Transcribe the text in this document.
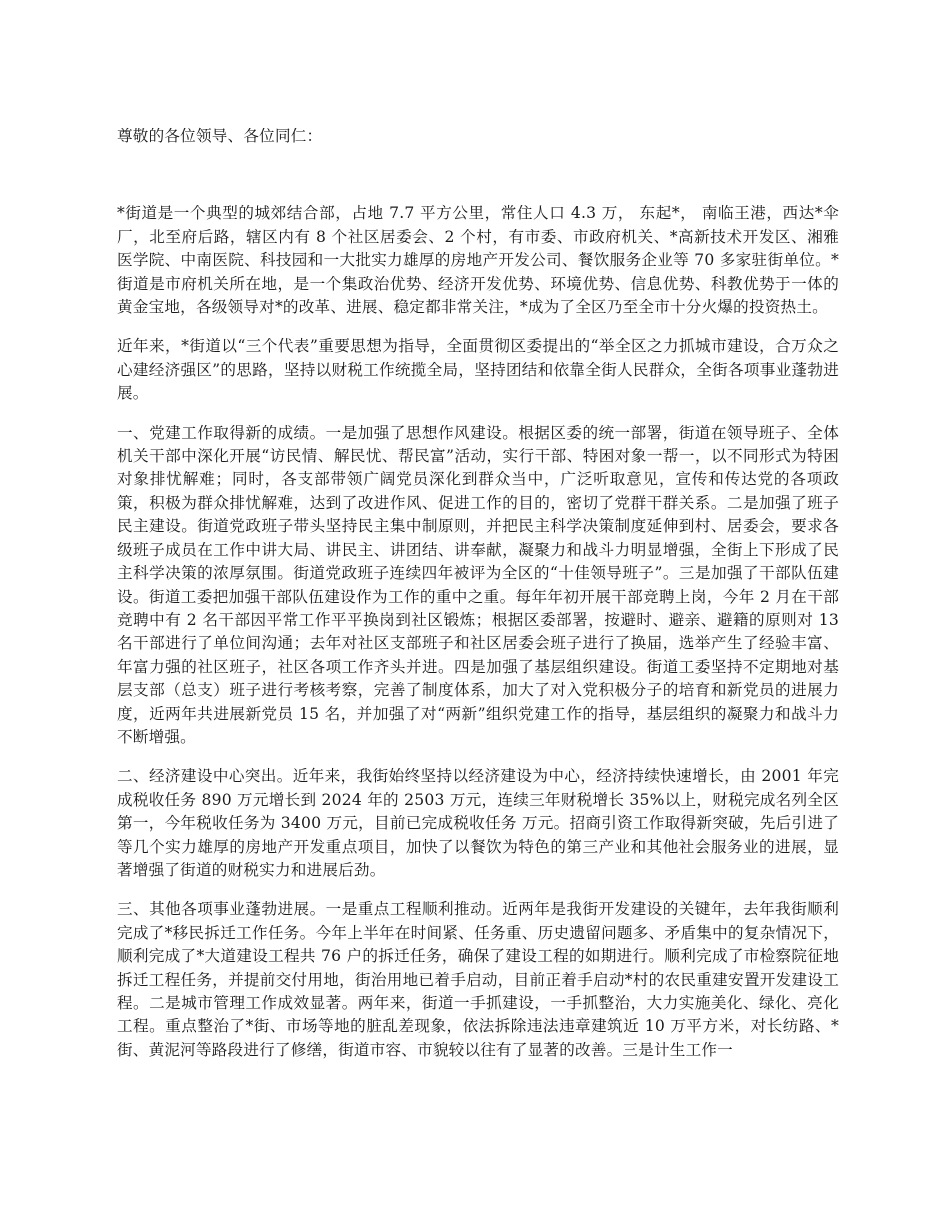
尊敬的各位领导、各位同仁：

*街道是一个典型的城郊结合部，占地 7.7 平方公里，常住人口 4.3 万， 东起*， 南临王港，西达*伞厂，北至府后路，辖区内有 8 个社区居委会、2 个村，有市委、市政府机关、*高新技术开发区、湘雅医学院、中南医院、科技园和一大批实力雄厚的房地产开发公司、餐饮服务企业等 70 多家驻街单位。*街道是市府机关所在地，是一个集政治优势、经济开发优势、环境优势、信息优势、科教优势于一体的黄金宝地，各级领导对*的改革、进展、稳定都非常关注，*成为了全区乃至全市十分火爆的投资热土。

近年来，*街道以“三个代表”重要思想为指导，全面贯彻区委提出的“举全区之力抓城市建设，合万众之心建经济强区”的思路，坚持以财税工作统揽全局，坚持团结和依靠全街人民群众，全街各项事业蓬勃进展。

一、党建工作取得新的成绩。一是加强了思想作风建设。根据区委的统一部署，街道在领导班子、全体机关干部中深化开展“访民情、解民忧、帮民富”活动，实行干部、特困对象一帮一，以不同形式为特困对象排忧解难；同时，各支部带领广阔党员深化到群众当中，广泛听取意见，宣传和传达党的各项政策，积极为群众排忧解难，达到了改进作风、促进工作的目的，密切了党群干群关系。二是加强了班子民主建设。街道党政班子带头坚持民主集中制原则，并把民主科学决策制度延伸到村、居委会，要求各级班子成员在工作中讲大局、讲民主、讲团结、讲奉献，凝聚力和战斗力明显增强，全街上下形成了民主科学决策的浓厚氛围。街道党政班子连续四年被评为全区的“十佳领导班子”。三是加强了干部队伍建设。街道工委把加强干部队伍建设作为工作的重中之重。每年年初开展干部竞聘上岗，今年 2 月在干部竞聘中有 2 名干部因平常工作平平换岗到社区锻炼；根据区委部署，按避时、避亲、避籍的原则对 13 名干部进行了单位间沟通；去年对社区支部班子和社区居委会班子进行了换届，选举产生了经验丰富、年富力强的社区班子，社区各项工作齐头并进。四是加强了基层组织建设。街道工委坚持不定期地对基层支部（总支）班子进行考核考察，完善了制度体系，加大了对入党积极分子的培育和新党员的进展力度，近两年共进展新党员 15 名，并加强了对“两新”组织党建工作的指导，基层组织的凝聚力和战斗力不断增强。

二、经济建设中心突出。近年来，我街始终坚持以经济建设为中心，经济持续快速增长，由 2001 年完成税收任务 890 万元增长到 2024 年的 2503 万元，连续三年财税增长 35%以上，财税完成名列全区第一，今年税收任务为 3400 万元，目前已完成税收任务 万元。招商引资工作取得新突破，先后引进了等几个实力雄厚的房地产开发重点项目，加快了以餐饮为特色的第三产业和其他社会服务业的进展，显著增强了街道的财税实力和进展后劲。

三、其他各项事业蓬勃进展。一是重点工程顺利推动。近两年是我街开发建设的关键年，去年我街顺利完成了*移民拆迁工作任务。今年上半年在时间紧、任务重、历史遗留问题多、矛盾集中的复杂情况下，顺利完成了*大道建设工程共 76 户的拆迁任务，确保了建设工程的如期进行。顺利完成了市检察院征地拆迁工程任务，并提前交付用地，街治用地已着手启动，目前正着手启动*村的农民重建安置开发建设工程。二是城市管理工作成效显著。两年来，街道一手抓建设，一手抓整治，大力实施美化、绿化、亮化工程。重点整治了*街、市场等地的脏乱差现象，依法拆除违法违章建筑近 10 万平方米，对长纺路、*街、黄泥河等路段进行了修缮，街道市容、市貌较以往有了显著的改善。三是计生工作一
